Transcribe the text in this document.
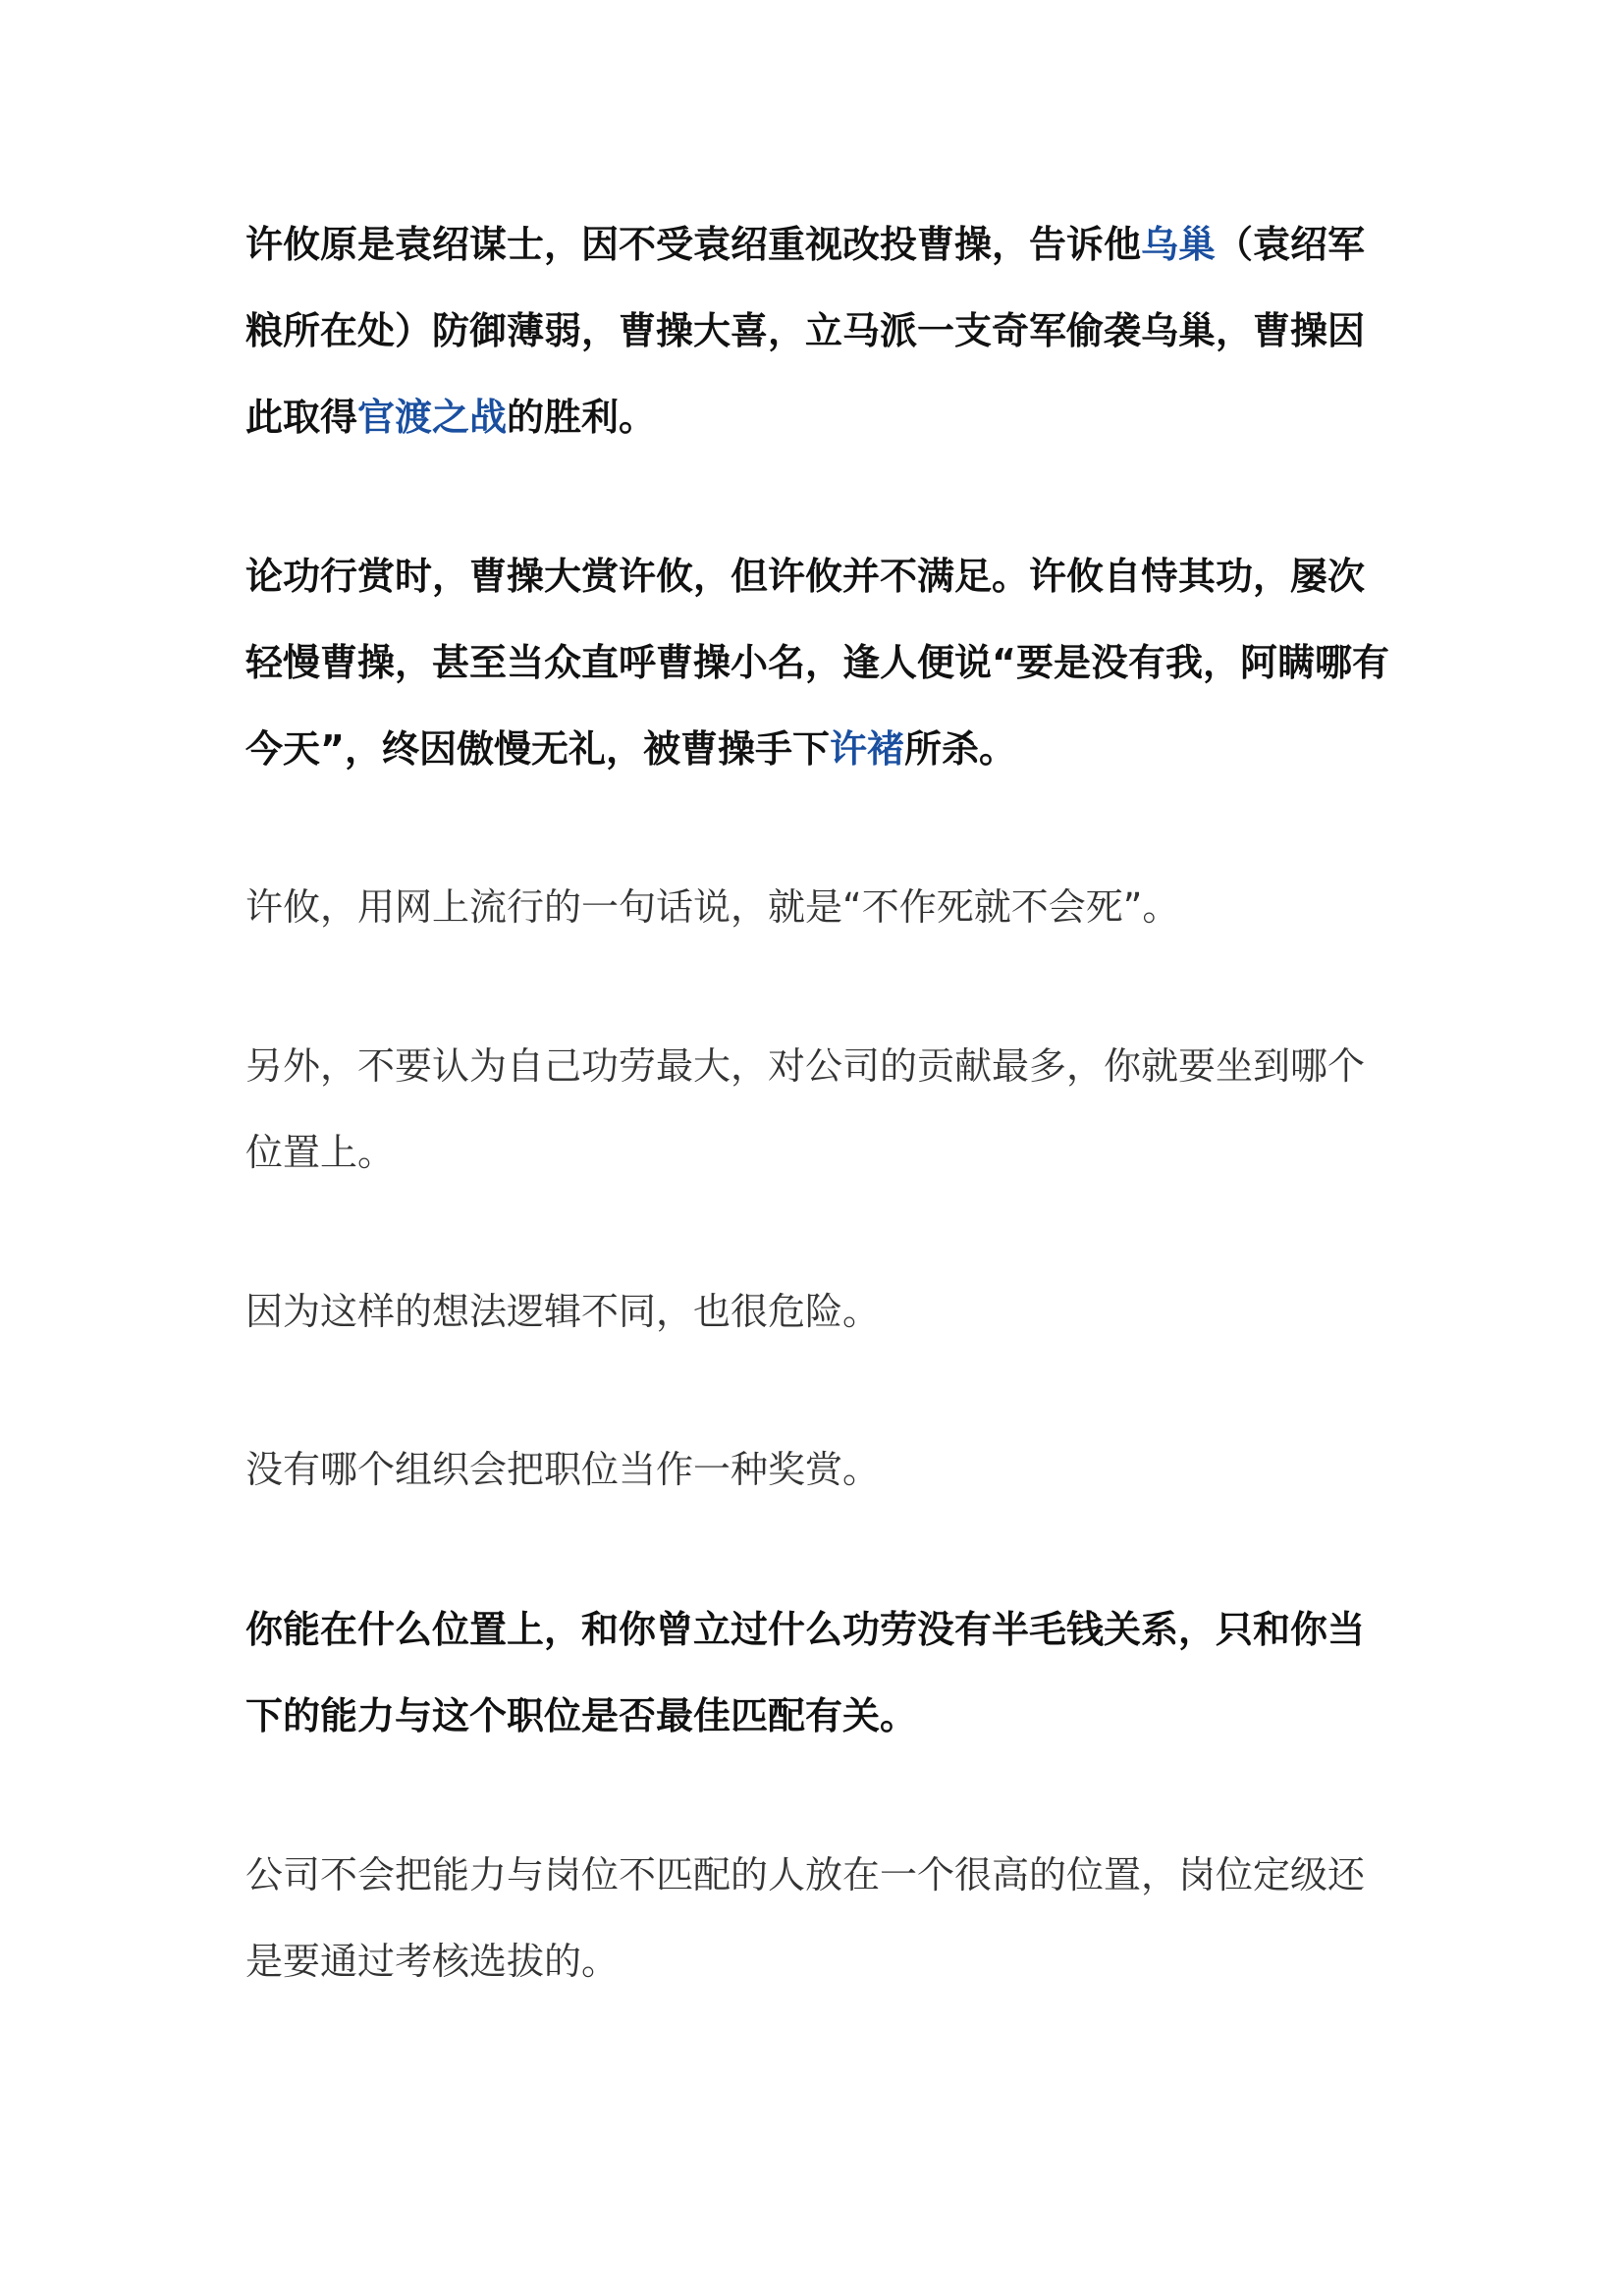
许攸原是袁绍谋士，因不受袁绍重视改投曹操，告诉他乌巢（袁绍军粮所在处）防御薄弱，曹操大喜，立马派一支奇军偷袭乌巢，曹操因此取得官渡之战的胜利。

论功行赏时，曹操大赏许攸，但许攸并不满足。许攸自恃其功，屡次轻慢曹操，甚至当众直呼曹操小名，逢人便说“要是没有我，阿瞒哪有今天”，终因傲慢无礼，被曹操手下许褚所杀。

许攸，用网上流行的一句话说，就是“不作死就不会死”。

另外，不要认为自己功劳最大，对公司的贡献最多，你就要坐到哪个位置上。

因为这样的想法逻辑不同，也很危险。

没有哪个组织会把职位当作一种奖赏。

你能在什么位置上，和你曾立过什么功劳没有半毛钱关系，只和你当下的能力与这个职位是否最佳匹配有关。

公司不会把能力与岗位不匹配的人放在一个很高的位置，岗位定级还是要通过考核选拔的。
